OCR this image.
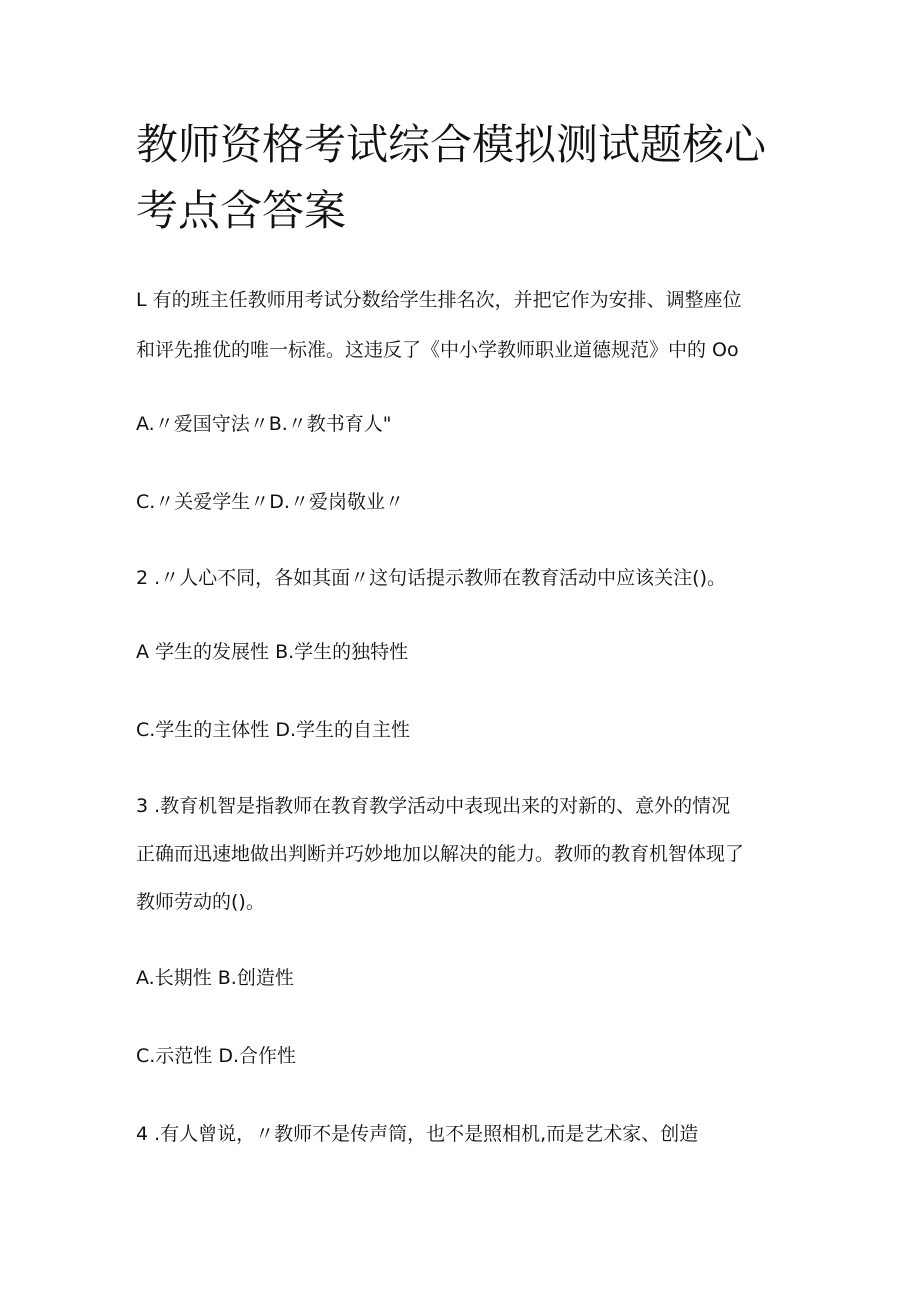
教师资格考试综合模拟测试题核心
考点含答案
L 有的班主任教师用考试分数给学生排名次，并把它作为安排、调整座位
和评先推优的唯一标准。这违反了《中小学教师职业道德规范》中的 Oo
A.〃爱国守法〃B.〃教书育人"
C.〃关爱学生〃D.〃爱岗敬业〃
2 .〃人心不同，各如其面〃这句话提示教师在教育活动中应该关注()。
A 学生的发展性 B.学生的独特性
C.学生的主体性 D.学生的自主性
3 .教育机智是指教师在教育教学活动中表现出来的对新的、意外的情况
正确而迅速地做出判断并巧妙地加以解决的能力。教师的教育机智体现了
教师劳动的()。
A.长期性 B.创造性
C.示范性 D.合作性
4 .有人曾说，〃教师不是传声筒，也不是照相机,而是艺术家、创造
